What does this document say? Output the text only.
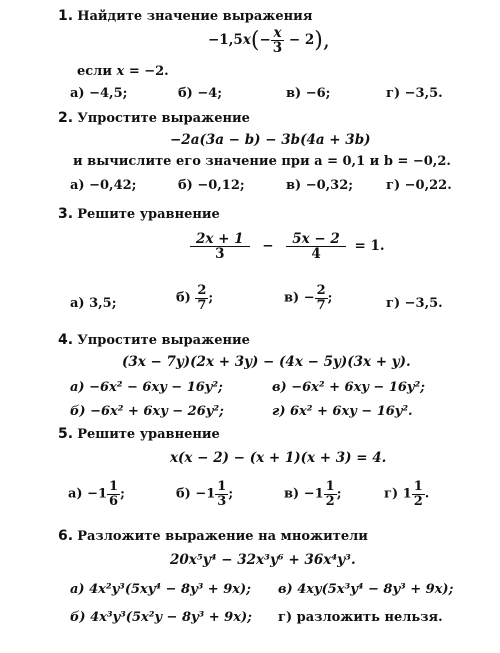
1. Найдите значение выражения
$-1,5x(- \frac{x}{3} - 2)$,
если x = −2.
а) −4,5;	б) −4;	в) −6;	г) −3,5.
2. Упростите выражение
−2a(3a − b) − 3b(4a + 3b)
и вычислите его значение при a = 0,1 и b = −0,2.
а) −0,42;	б) −0,12;	в) −0,32;	г) −0,22.
3. Решите уравнение
$\frac{2x + 1}{3} - \frac{5x - 2}{4} = 1$.
а) 3,5;	$б) \frac{2}{7}$ ;	$в) - \frac{2}{7}$ ;	г) −3,5.
4. Упростите выражение
(3x − 7y)(2x + 3y) − (4x − 5y)(3x + y).
а) −6x² − 6xy − 16y²;	в) −6x² + 6xy − 16y²;
б) −6x² + 6xy − 26y²;	г) 6x² + 6xy − 16y².
5. Решите уравнение
x(x − 2) − (x + 1)(x + 3) = 4.
$а) -1 \frac{1}{6}$ ;	$б) -1 \frac{1}{3}$ ;	$в) -1 \frac{1}{2}$ ;	г) $1 \frac{1}{2}$ .
6. Разложите выражение на множители
20x⁵y⁴ − 32x³y⁶ + 36x⁴y³.
а) 4x²y³(5xy⁴ − 8y³ + 9x); в) 4xy(5x³y⁴ − 8y³ + 9x);
б) 4x³y³(5x²y − 8y³ + 9x); г) разложить нельзя.
